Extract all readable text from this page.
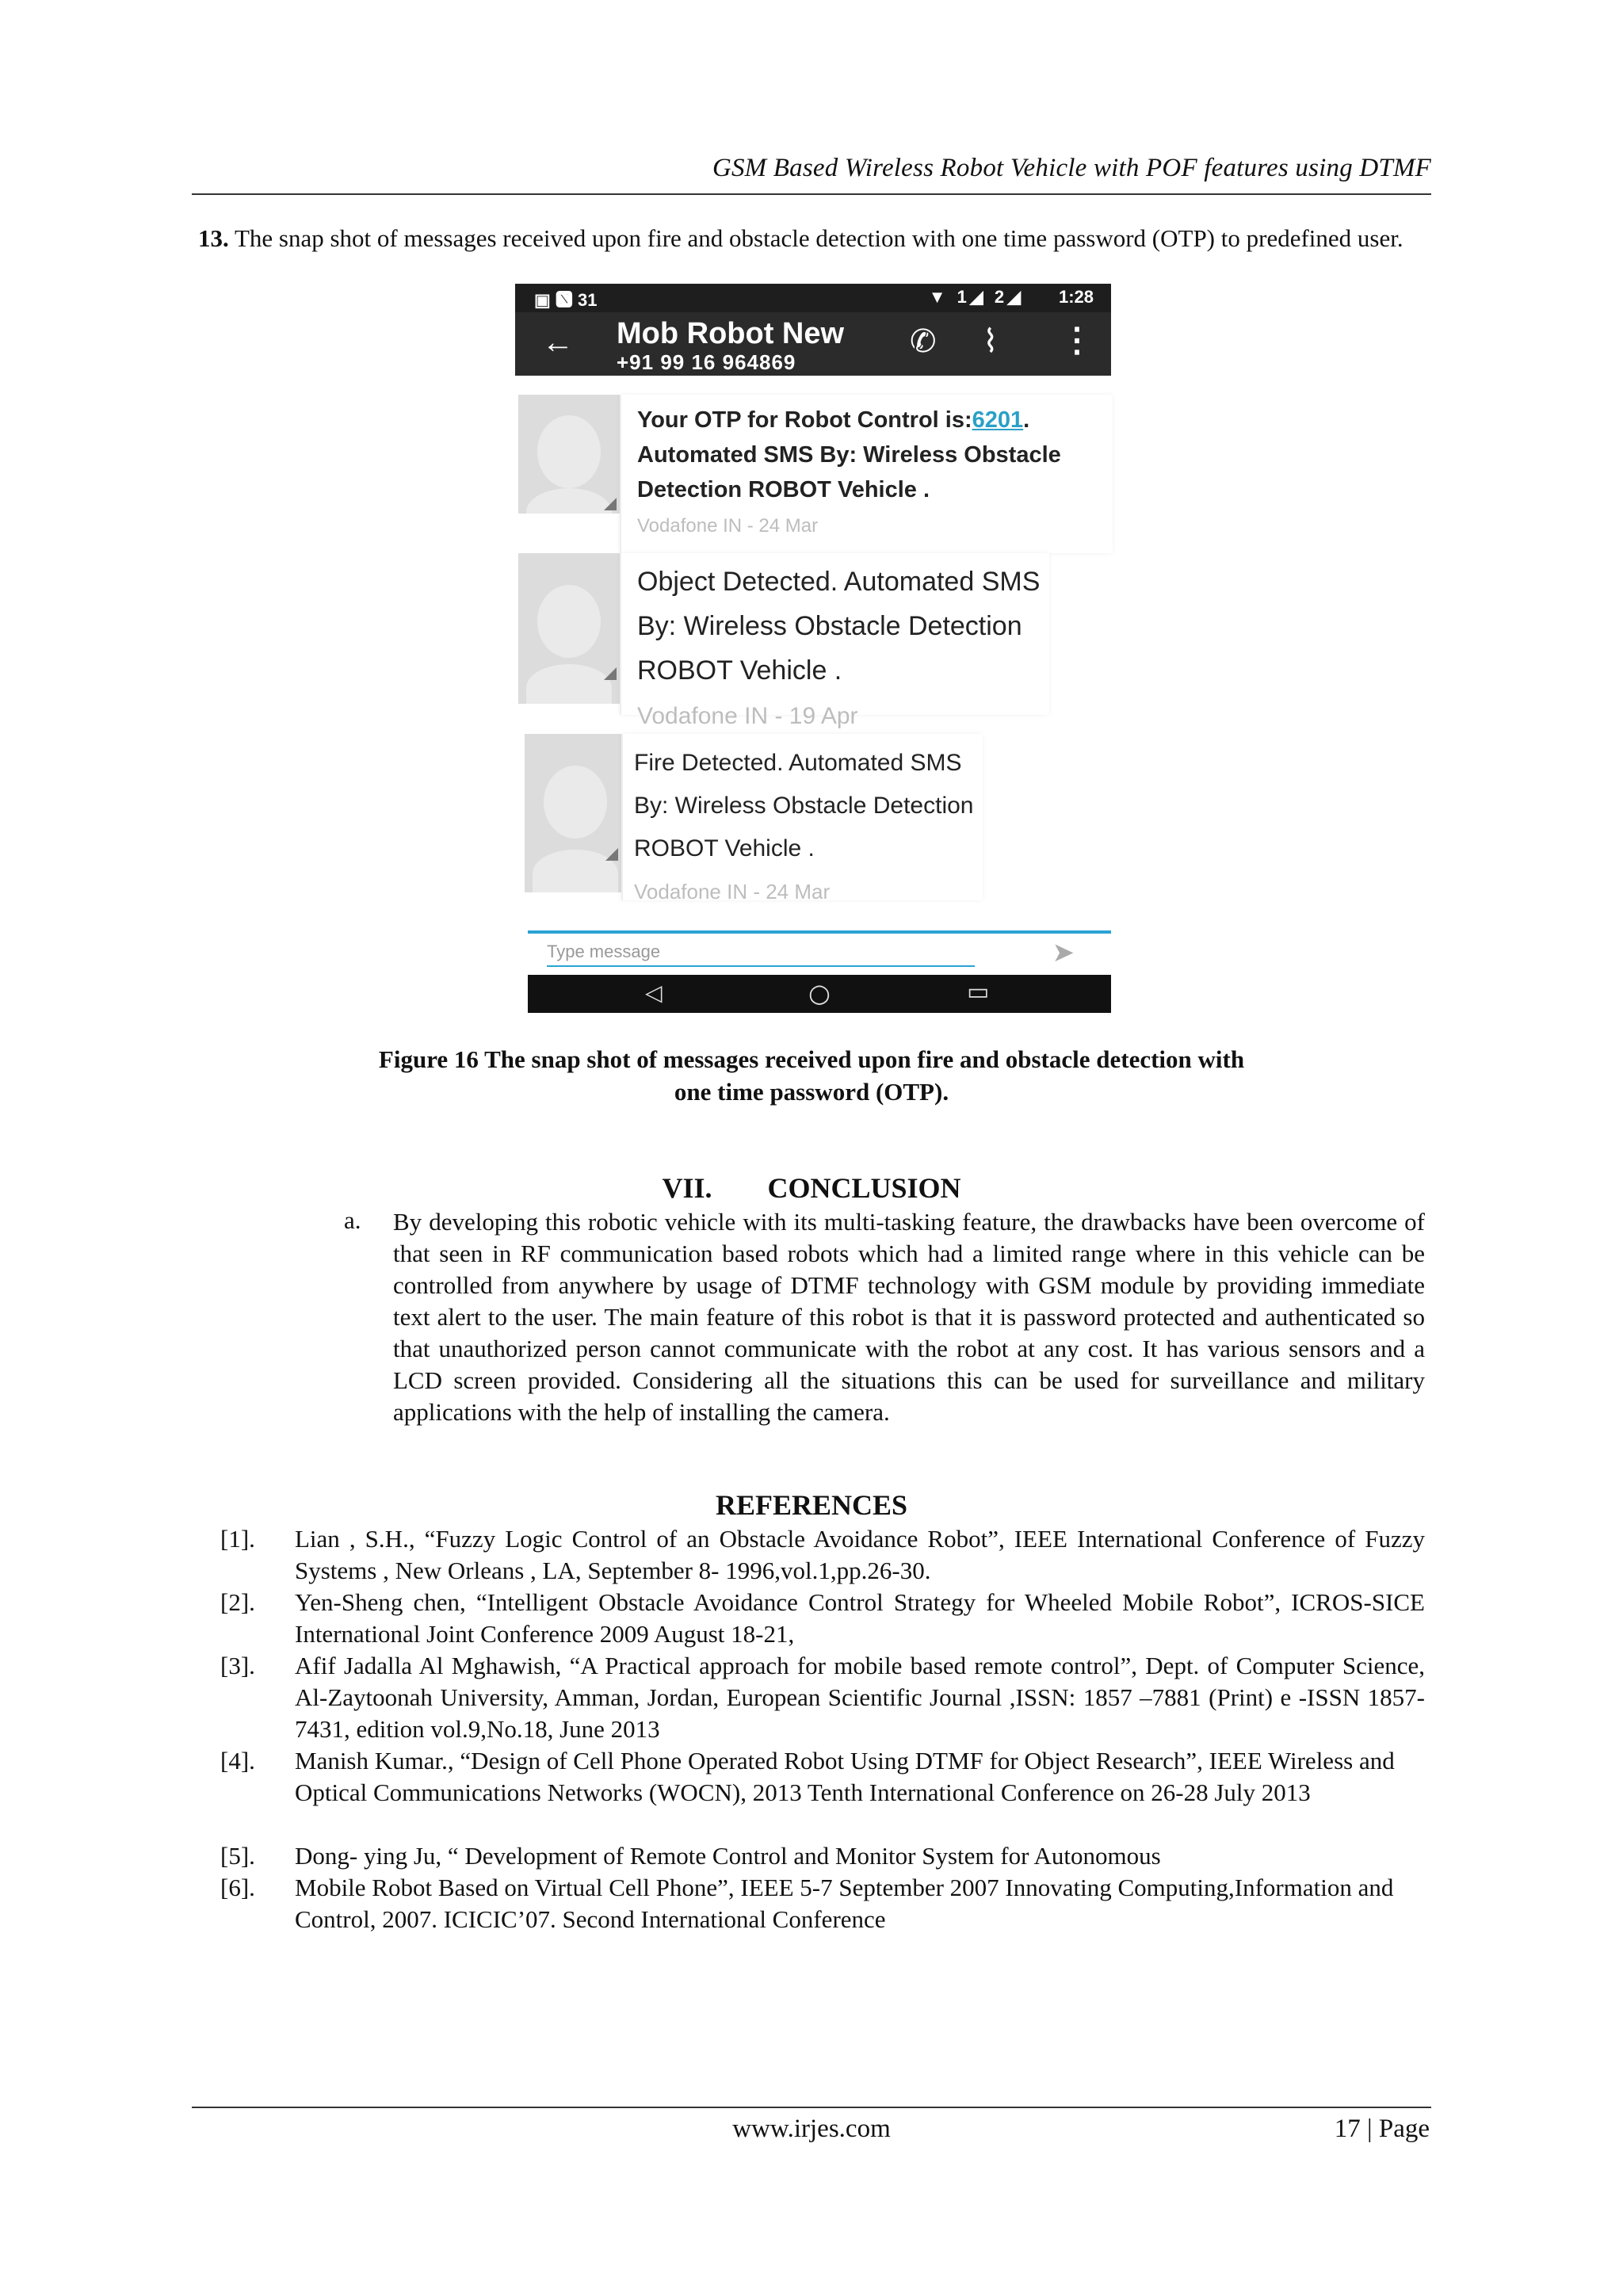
GSM Based Wireless Robot Vehicle with POF features using DTMF
13. The snap shot of messages received upon fire and obstacle detection with one time password (OTP) to predefined user.
▣ 🅽 31	▼ 1◢ 2◢ 1:28
← Mob Robot New
+91 99 16 964869
✆ ⌇ ⋮
Your OTP for Robot Control is:6201. Automated SMS By: Wireless Obstacle Detection ROBOT Vehicle .
Vodafone IN - 24 Mar
Object Detected. Automated SMS By: Wireless Obstacle Detection ROBOT Vehicle .
Vodafone IN - 19 Apr
Fire Detected. Automated SMS By: Wireless Obstacle Detection ROBOT Vehicle .
Vodafone IN - 24 Mar
Type message	➤
◁	○	▭
Figure 16 The snap shot of messages received upon fire and obstacle detection with
one time password (OTP).
VII. CONCLUSION
a. By developing this robotic vehicle with its multi-tasking feature, the drawbacks have been overcome of that seen in RF communication based robots which had a limited range where in this vehicle can be controlled from anywhere by usage of DTMF technology with GSM module by providing immediate text alert to the user. The main feature of this robot is that it is password protected and authenticated so that unauthorized person cannot communicate with the robot at any cost. It has various sensors and a LCD screen provided. Considering all the situations this can be used for surveillance and military applications with the help of installing the camera.
REFERENCES
[1]. Lian , S.H., “Fuzzy Logic Control of an Obstacle Avoidance Robot”, IEEE International Conference of Fuzzy Systems , New Orleans , LA, September 8- 1996,vol.1,pp.26-30.
[2]. Yen-Sheng chen, “Intelligent Obstacle Avoidance Control Strategy for Wheeled Mobile Robot”, ICROS-SICE International Joint Conference 2009 August 18-21,
[3]. Afif Jadalla Al Mghawish, “A Practical approach for mobile based remote control”, Dept. of Computer Science, Al-Zaytoonah University, Amman, Jordan, European Scientific Journal ,ISSN: 1857 –7881 (Print) e -ISSN 1857-7431, edition vol.9,No.18, June 2013
[4]. Manish Kumar., “Design of Cell Phone Operated Robot Using DTMF for Object Research”, IEEE Wireless and Optical Communications Networks (WOCN), 2013 Tenth International Conference on 26-28 July 2013
[5]. Dong- ying Ju, “ Development of Remote Control and Monitor System for Autonomous
[6]. Mobile Robot Based on Virtual Cell Phone”, IEEE 5-7 September 2007 Innovating Computing,Information and Control, 2007. ICICIC’07. Second International Conference
www.irjes.com	17 | Page
